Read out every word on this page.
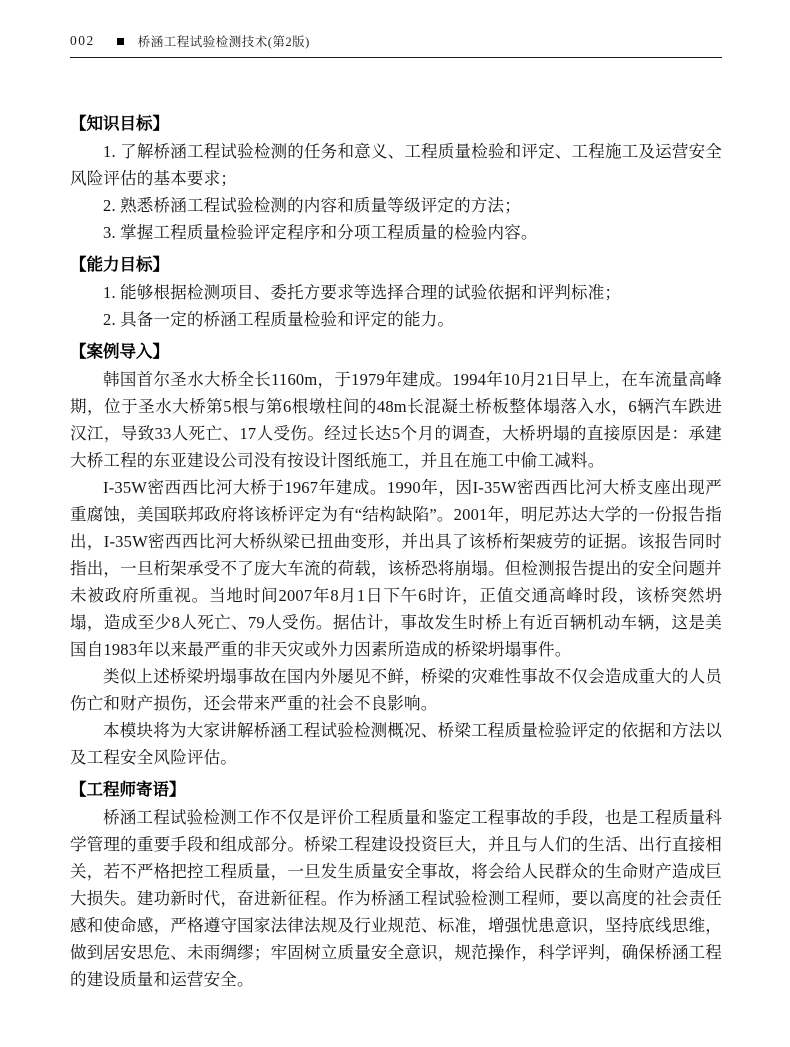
002	桥涵工程试验检测技术(第2版)
【知识目标】

1. 了解桥涵工程试验检测的任务和意义、工程质量检验和评定、工程施工及运营安全风险评估的基本要求；

2. 熟悉桥涵工程试验检测的内容和质量等级评定的方法；

3. 掌握工程质量检验评定程序和分项工程质量的检验内容。

【能力目标】

1. 能够根据检测项目、委托方要求等选择合理的试验依据和评判标准；

2. 具备一定的桥涵工程质量检验和评定的能力。

【案例导入】

韩国首尔圣水大桥全长1160m，于1979年建成。1994年10月21日早上，在车流量高峰期，位于圣水大桥第5根与第6根墩柱间的48m长混凝土桥板整体塌落入水，6辆汽车跌进汉江，导致33人死亡、17人受伤。经过长达5个月的调查，大桥坍塌的直接原因是：承建大桥工程的东亚建设公司没有按设计图纸施工，并且在施工中偷工减料。

I-35W密西西比河大桥于1967年建成。1990年，因I-35W密西西比河大桥支座出现严重腐蚀，美国联邦政府将该桥评定为有“结构缺陷”。2001年，明尼苏达大学的一份报告指出，I-35W密西西比河大桥纵梁已扭曲变形，并出具了该桥桁架疲劳的证据。该报告同时指出，一旦桁架承受不了庞大车流的荷载，该桥恐将崩塌。但检测报告提出的安全问题并未被政府所重视。当地时间2007年8月1日下午6时许，正值交通高峰时段，该桥突然坍塌，造成至少8人死亡、79人受伤。据估计，事故发生时桥上有近百辆机动车辆，这是美国自1983年以来最严重的非天灾或外力因素所造成的桥梁坍塌事件。

类似上述桥梁坍塌事故在国内外屡见不鲜，桥梁的灾难性事故不仅会造成重大的人员伤亡和财产损伤，还会带来严重的社会不良影响。

本模块将为大家讲解桥涵工程试验检测概况、桥梁工程质量检验评定的依据和方法以及工程安全风险评估。

【工程师寄语】

桥涵工程试验检测工作不仅是评价工程质量和鉴定工程事故的手段，也是工程质量科学管理的重要手段和组成部分。桥梁工程建设投资巨大，并且与人们的生活、出行直接相关，若不严格把控工程质量，一旦发生质量安全事故，将会给人民群众的生命财产造成巨大损失。建功新时代，奋进新征程。作为桥涵工程试验检测工程师，要以高度的社会责任感和使命感，严格遵守国家法律法规及行业规范、标准，增强忧患意识，坚持底线思维，做到居安思危、未雨绸缪；牢固树立质量安全意识，规范操作，科学评判，确保桥涵工程的建设质量和运营安全。
